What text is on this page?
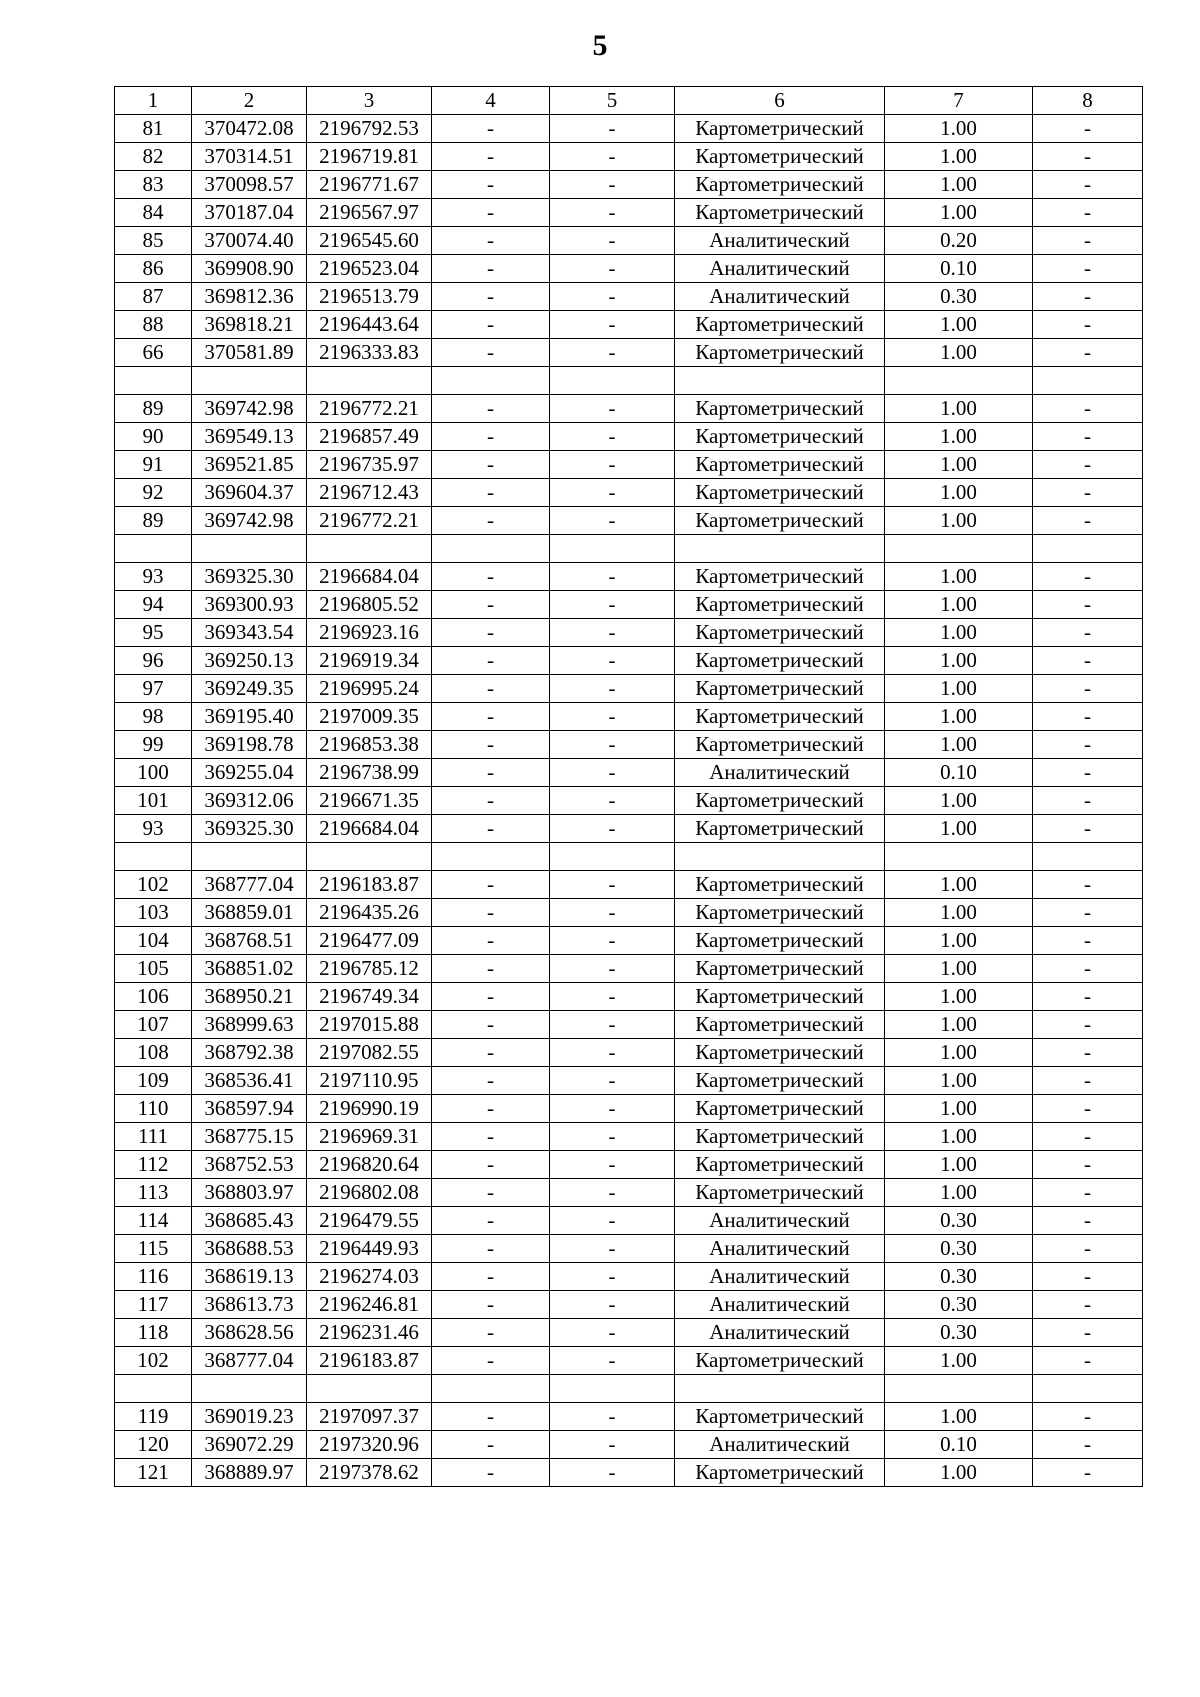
5
1	2	3	4	5	6	7	8
81	370472.08	2196792.53	-	-	Картометрический	1.00	-
82	370314.51	2196719.81	-	-	Картометрический	1.00	-
83	370098.57	2196771.67	-	-	Картометрический	1.00	-
84	370187.04	2196567.97	-	-	Картометрический	1.00	-
85	370074.40	2196545.60	-	-	Аналитический	0.20	-
86	369908.90	2196523.04	-	-	Аналитический	0.10	-
87	369812.36	2196513.79	-	-	Аналитический	0.30	-
88	369818.21	2196443.64	-	-	Картометрический	1.00	-
66	370581.89	2196333.83	-	-	Картометрический	1.00	-

89	369742.98	2196772.21	-	-	Картометрический	1.00	-
90	369549.13	2196857.49	-	-	Картометрический	1.00	-
91	369521.85	2196735.97	-	-	Картометрический	1.00	-
92	369604.37	2196712.43	-	-	Картометрический	1.00	-
89	369742.98	2196772.21	-	-	Картометрический	1.00	-

93	369325.30	2196684.04	-	-	Картометрический	1.00	-
94	369300.93	2196805.52	-	-	Картометрический	1.00	-
95	369343.54	2196923.16	-	-	Картометрический	1.00	-
96	369250.13	2196919.34	-	-	Картометрический	1.00	-
97	369249.35	2196995.24	-	-	Картометрический	1.00	-
98	369195.40	2197009.35	-	-	Картометрический	1.00	-
99	369198.78	2196853.38	-	-	Картометрический	1.00	-
100	369255.04	2196738.99	-	-	Аналитический	0.10	-
101	369312.06	2196671.35	-	-	Картометрический	1.00	-
93	369325.30	2196684.04	-	-	Картометрический	1.00	-

102	368777.04	2196183.87	-	-	Картометрический	1.00	-
103	368859.01	2196435.26	-	-	Картометрический	1.00	-
104	368768.51	2196477.09	-	-	Картометрический	1.00	-
105	368851.02	2196785.12	-	-	Картометрический	1.00	-
106	368950.21	2196749.34	-	-	Картометрический	1.00	-
107	368999.63	2197015.88	-	-	Картометрический	1.00	-
108	368792.38	2197082.55	-	-	Картометрический	1.00	-
109	368536.41	2197110.95	-	-	Картометрический	1.00	-
110	368597.94	2196990.19	-	-	Картометрический	1.00	-
111	368775.15	2196969.31	-	-	Картометрический	1.00	-
112	368752.53	2196820.64	-	-	Картометрический	1.00	-
113	368803.97	2196802.08	-	-	Картометрический	1.00	-
114	368685.43	2196479.55	-	-	Аналитический	0.30	-
115	368688.53	2196449.93	-	-	Аналитический	0.30	-
116	368619.13	2196274.03	-	-	Аналитический	0.30	-
117	368613.73	2196246.81	-	-	Аналитический	0.30	-
118	368628.56	2196231.46	-	-	Аналитический	0.30	-
102	368777.04	2196183.87	-	-	Картометрический	1.00	-

119	369019.23	2197097.37	-	-	Картометрический	1.00	-
120	369072.29	2197320.96	-	-	Аналитический	0.10	-
121	368889.97	2197378.62	-	-	Картометрический	1.00	-
